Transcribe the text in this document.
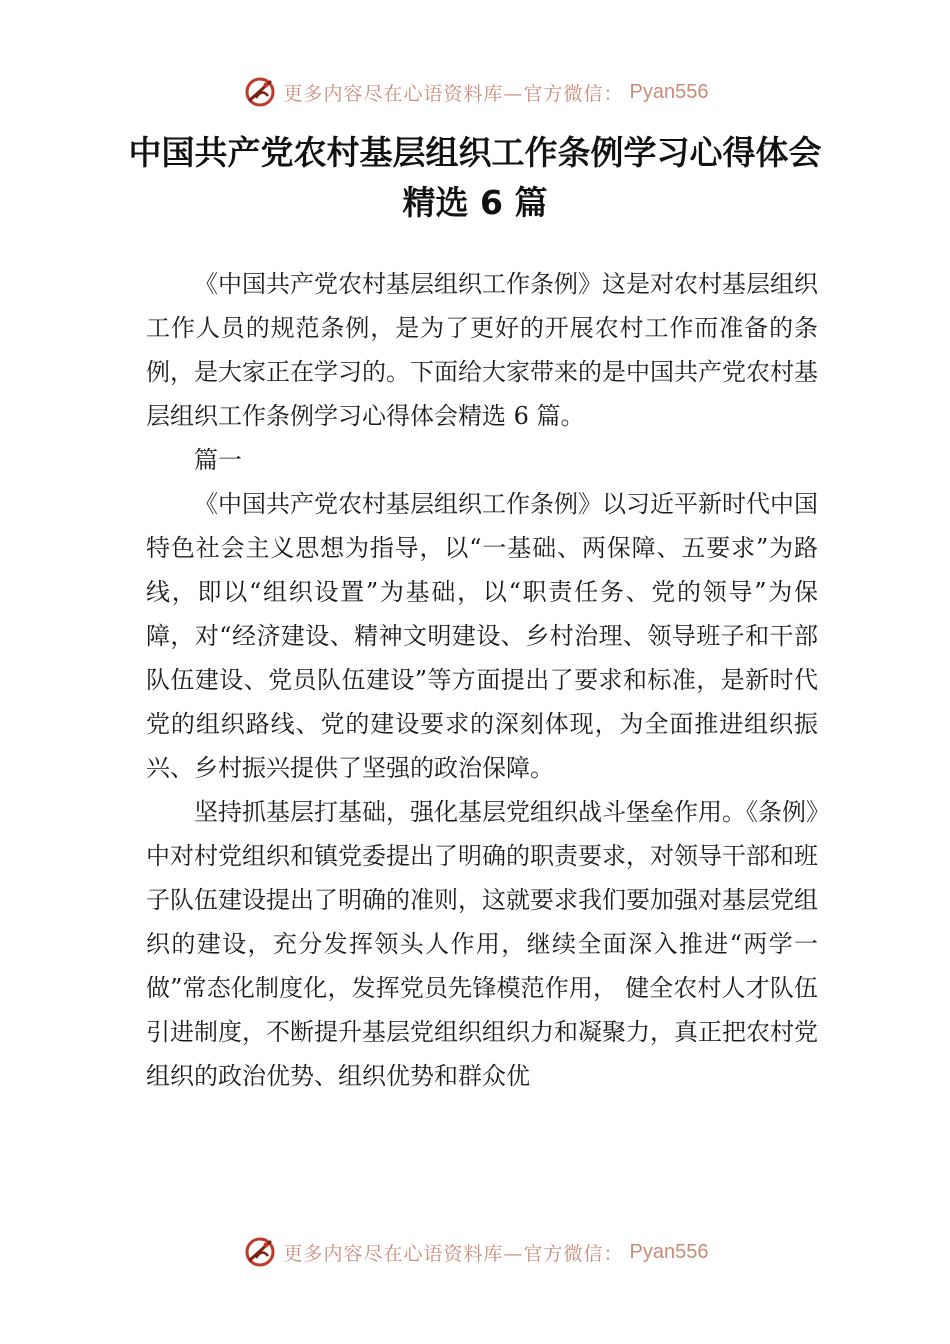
更多内容尽在心语资料库—官方微信： Pyan556
中国共产党农村基层组织工作条例学习心得体会精选 6 篇

《中国共产党农村基层组织工作条例》这是对农村基层组织工作人员的规范条例，是为了更好的开展农村工作而准备的条例，是大家正在学习的。下面给大家带来的是中国共产党农村基层组织工作条例学习心得体会精选 6 篇。

篇一

《中国共产党农村基层组织工作条例》以习近平新时代中国特色社会主义思想为指导，以“一基础、两保障、五要求”为路线，即以“组织设置”为基础，以“职责任务、党的领导”为保障，对“经济建设、精神文明建设、乡村治理、领导班子和干部队伍建设、党员队伍建设”等方面提出了要求和标准，是新时代党的组织路线、党的建设要求的深刻体现，为全面推进组织振兴、乡村振兴提供了坚强的政治保障。

坚持抓基层打基础，强化基层党组织战斗堡垒作用。《条例》中对村党组织和镇党委提出了明确的职责要求，对领导干部和班子队伍建设提出了明确的准则，这就要求我们要加强对基层党组织的建设，充分发挥领头人作用，继续全面深入推进“两学一做”常态化制度化，发挥党员先锋模范作用， 健全农村人才队伍引进制度，不断提升基层党组织组织力和凝聚力，真正把农村党组织的政治优势、组织优势和群众优

更多内容尽在心语资料库—官方微信： Pyan556
